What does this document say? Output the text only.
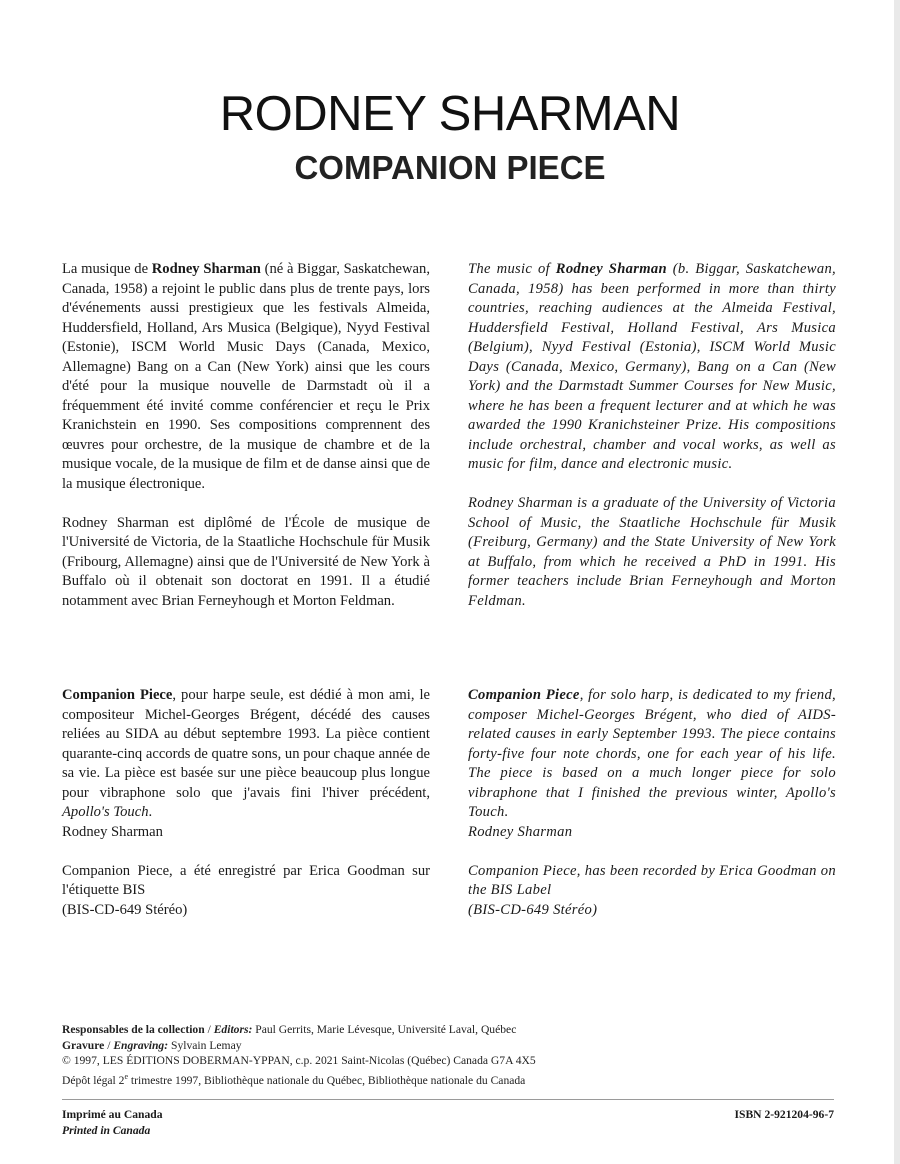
RODNEY SHARMAN
COMPANION PIECE

La musique de Rodney Sharman (né à Biggar, Saskatchewan, Canada, 1958) a rejoint le public dans plus de trente pays, lors d'événements aussi prestigieux que les festivals Almeida, Huddersfield, Holland, Ars Musica (Belgique), Nyyd Festival (Estonie), ISCM World Music Days (Canada, Mexico, Allemagne) Bang on a Can (New York) ainsi que les cours d'été pour la musique nouvelle de Darmstadt où il a fréquemment été invité comme conférencier et reçu le Prix Kranichstein en 1990. Ses compositions comprennent des œuvres pour orchestre, de la musique de chambre et de la musique vocale, de la musique de film et de danse ainsi que de la musique électronique.

Rodney Sharman est diplômé de l'École de musique de l'Université de Victoria, de la Staatliche Hochschule für Musik (Fribourg, Allemagne) ainsi que de l'Université de New York à Buffalo où il obtenait son doctorat en 1991. Il a étudié notamment avec Brian Ferneyhough et Morton Feldman.

The music of Rodney Sharman (b. Biggar, Saskatchewan, Canada, 1958) has been performed in more than thirty countries, reaching audiences at the Almeida Festival, Huddersfield Festival, Holland Festival, Ars Musica (Belgium), Nyyd Festival (Estonia), ISCM World Music Days (Canada, Mexico, Germany), Bang on a Can (New York) and the Darmstadt Summer Courses for New Music, where he has been a frequent lecturer and at which he was awarded the 1990 Kranichsteiner Prize. His compositions include orchestral, chamber and vocal works, as well as music for film, dance and electronic music.

Rodney Sharman is a graduate of the University of Victoria School of Music, the Staatliche Hochschule für Musik (Freiburg, Germany) and the State University of New York at Buffalo, from which he received a PhD in 1991. His former teachers include Brian Ferneyhough and Morton Feldman.

Companion Piece, pour harpe seule, est dédié à mon ami, le compositeur Michel-Georges Brégent, décédé des causes reliées au SIDA au début septembre 1993. La pièce contient quarante-cinq accords de quatre sons, un pour chaque année de sa vie. La pièce est basée sur une pièce beaucoup plus longue pour vibraphone solo que j'avais fini l'hiver précédent, Apollo's Touch.

Rodney Sharman

Companion Piece, a été enregistré par Erica Goodman sur l'étiquette BIS

(BIS-CD-649 Stéréo)

Companion Piece, for solo harp, is dedicated to my friend, composer Michel-Georges Brégent, who died of AIDS-related causes in early September 1993. The piece contains forty-five four note chords, one for each year of his life. The piece is based on a much longer piece for solo vibraphone that I finished the previous winter, Apollo's Touch.

Rodney Sharman

Companion Piece, has been recorded by Erica Goodman on the BIS Label

(BIS-CD-649 Stéréo)

Responsables de la collection / Editors: Paul Gerrits, Marie Lévesque, Université Laval, Québec

Gravure / Engraving: Sylvain Lemay

© 1997, LES ÉDITIONS DOBERMAN-YPPAN, c.p. 2021 Saint-Nicolas (Québec) Canada G7A 4X5

Dépôt légal 2e trimestre 1997, Bibliothèque nationale du Québec, Bibliothèque nationale du Canada

Imprimé au Canada

Printed in Canada

ISBN 2-921204-96-7
